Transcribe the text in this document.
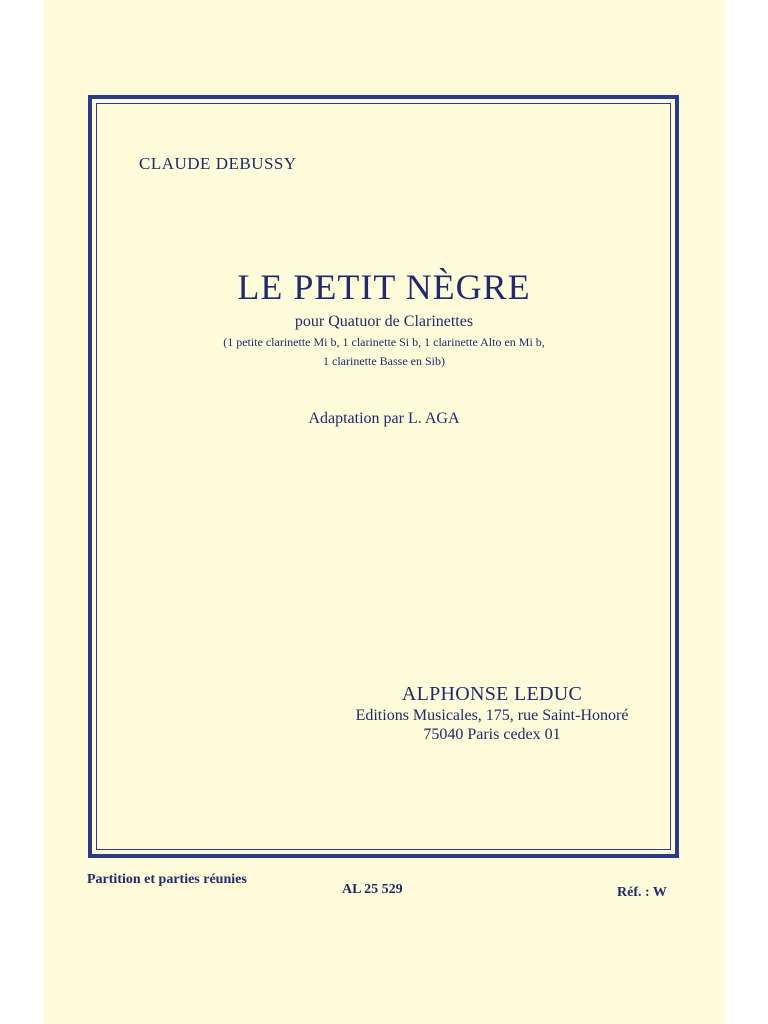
CLAUDE DEBUSSY
LE PETIT NÈGRE
pour Quatuor de Clarinettes
(1 petite clarinette Mi b, 1 clarinette Si b, 1 clarinette Alto en Mi b,
1 clarinette Basse en Sib)
Adaptation par L. AGA
ALPHONSE LEDUC
Editions Musicales, 175, rue Saint-Honoré
75040 Paris cedex 01
Partition et parties réunies
AL 25 529	Réf. : W
